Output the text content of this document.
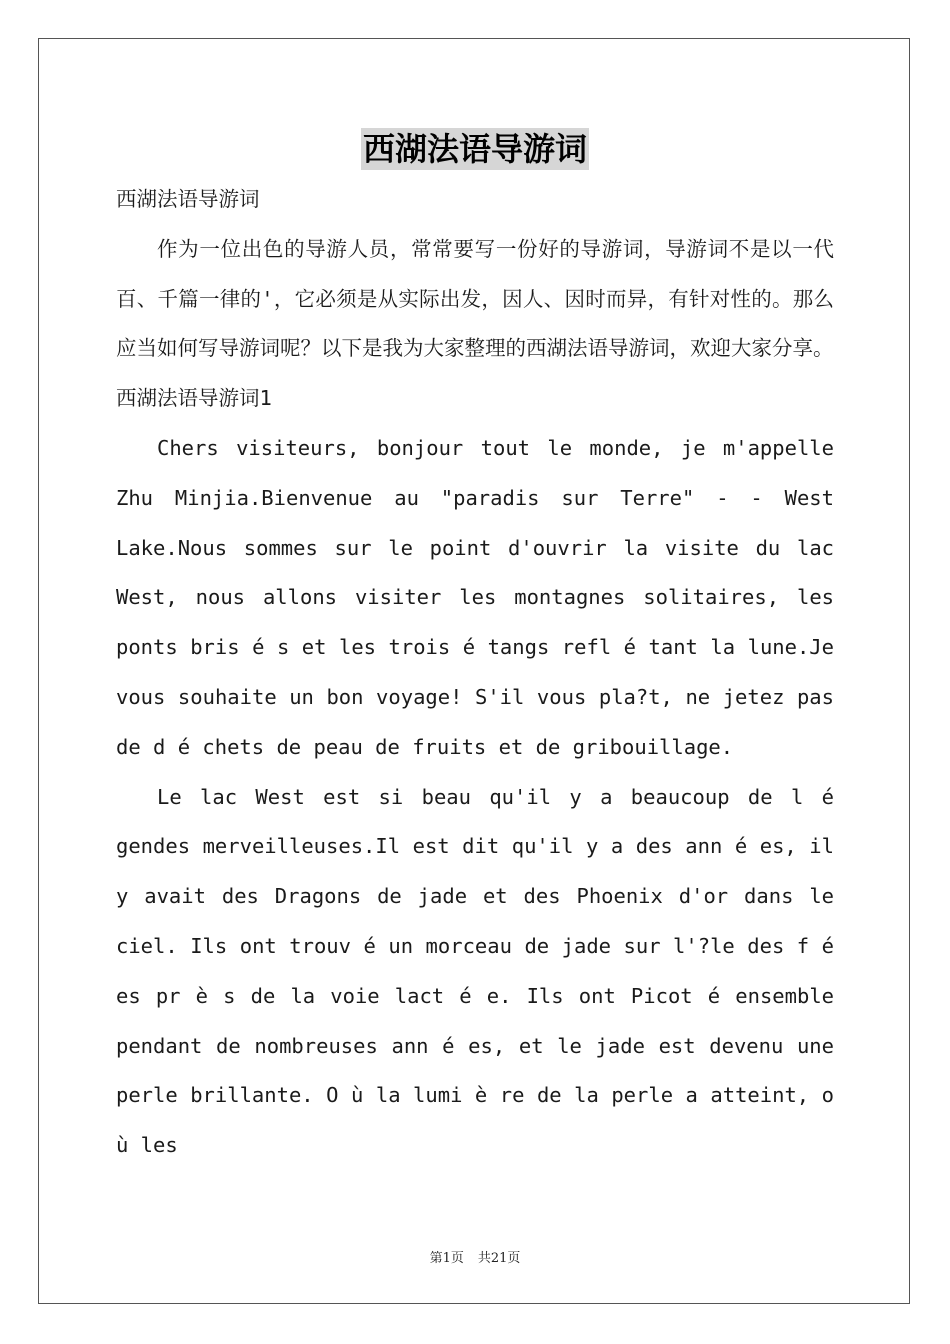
西湖法语导游词

西湖法语导游词

作为一位出色的导游人员，常常要写一份好的导游词，导游词不是以一代百、千篇一律的'，它必须是从实际出发，因人、因时而异，有针对性的。那么应当如何写导游词呢？以下是我为大家整理的西湖法语导游词，欢迎大家分享。

西湖法语导游词1

Chers visiteurs, bonjour tout le monde, je m'appelle Zhu Minjia.Bienvenue au "paradis sur Terre" - - West Lake.Nous sommes sur le point d'ouvrir la visite du lac West, nous allons visiter les montagnes solitaires, les ponts bris é s et les trois é tangs refl é tant la lune.Je vous souhaite un bon voyage! S'il vous pla?t, ne jetez pas de d é chets de peau de fruits et de gribouillage.

Le lac West est si beau qu'il y a beaucoup de l é gendes merveilleuses.Il est dit qu'il y a des ann é es, il y avait des Dragons de jade et des Phoenix d'or dans le ciel. Ils ont trouv é un morceau de jade sur l'?le des f é es pr è s de la voie lact é e. Ils ont Picot é ensemble pendant de nombreuses ann é es, et le jade est devenu une perle brillante. O ù la lumi è re de la perle a atteint, o ù les

第1页 共21页
